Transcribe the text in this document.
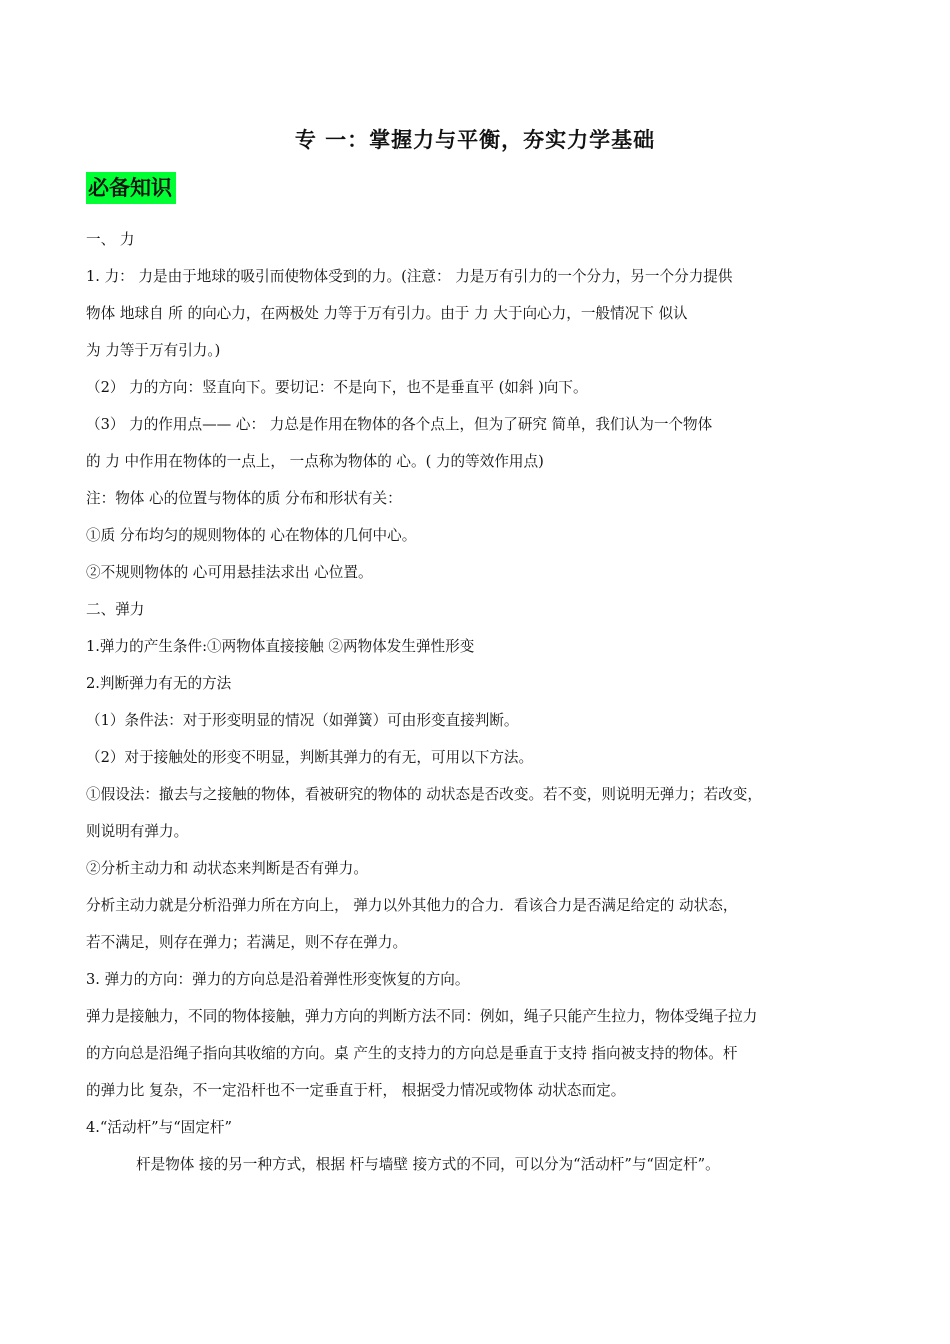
专 一：掌握力与平衡，夯实力学基础
必备知识

一、 力

1. 力： 力是由于地球的吸引而使物体受到的力。(注意： 力是万有引力的一个分力，另一个分力提供

物体 地球自 所 的向心力，在两极处 力等于万有引力。由于 力 大于向心力，一般情况下 似认

为 力等于万有引力。)

（2） 力的方向：竖直向下。要切记：不是向下，也不是垂直平 (如斜 )向下。

（3） 力的作用点—— 心： 力总是作用在物体的各个点上，但为了研究 简单，我们认为一个物体

的 力 中作用在物体的一点上， 一点称为物体的 心。( 力的等效作用点)

注：物体 心的位置与物体的质 分布和形状有关：

①质 分布均匀的规则物体的 心在物体的几何中心。

②不规则物体的 心可用悬挂法求出 心位置。

二、弹力

1.弹力的产生条件:①两物体直接接触 ②两物体发生弹性形变

2.判断弹力有无的方法

（1）条件法：对于形变明显的情况（如弹簧）可由形变直接判断。

（2）对于接触处的形变不明显，判断其弹力的有无，可用以下方法。

①假设法：撤去与之接触的物体，看被研究的物体的 动状态是否改变。若不变，则说明无弹力；若改变，

则说明有弹力。

②分析主动力和 动状态来判断是否有弹力。

分析主动力就是分析沿弹力所在方向上， 弹力以外其他力的合力．看该合力是否满足给定的 动状态，

若不满足，则存在弹力；若满足，则不存在弹力。

3. 弹力的方向：弹力的方向总是沿着弹性形变恢复的方向。

弹力是接触力，不同的物体接触，弹力方向的判断方法不同：例如，绳子只能产生拉力，物体受绳子拉力

的方向总是沿绳子指向其收缩的方向。桌 产生的支持力的方向总是垂直于支持 指向被支持的物体。杆

的弹力比 复杂，不一定沿杆也不一定垂直于杆， 根据受力情况或物体 动状态而定。

4.“活动杆”与“固定杆”

杆是物体 接的另一种方式，根据 杆与墙壁 接方式的不同，可以分为“活动杆”与“固定杆”。
